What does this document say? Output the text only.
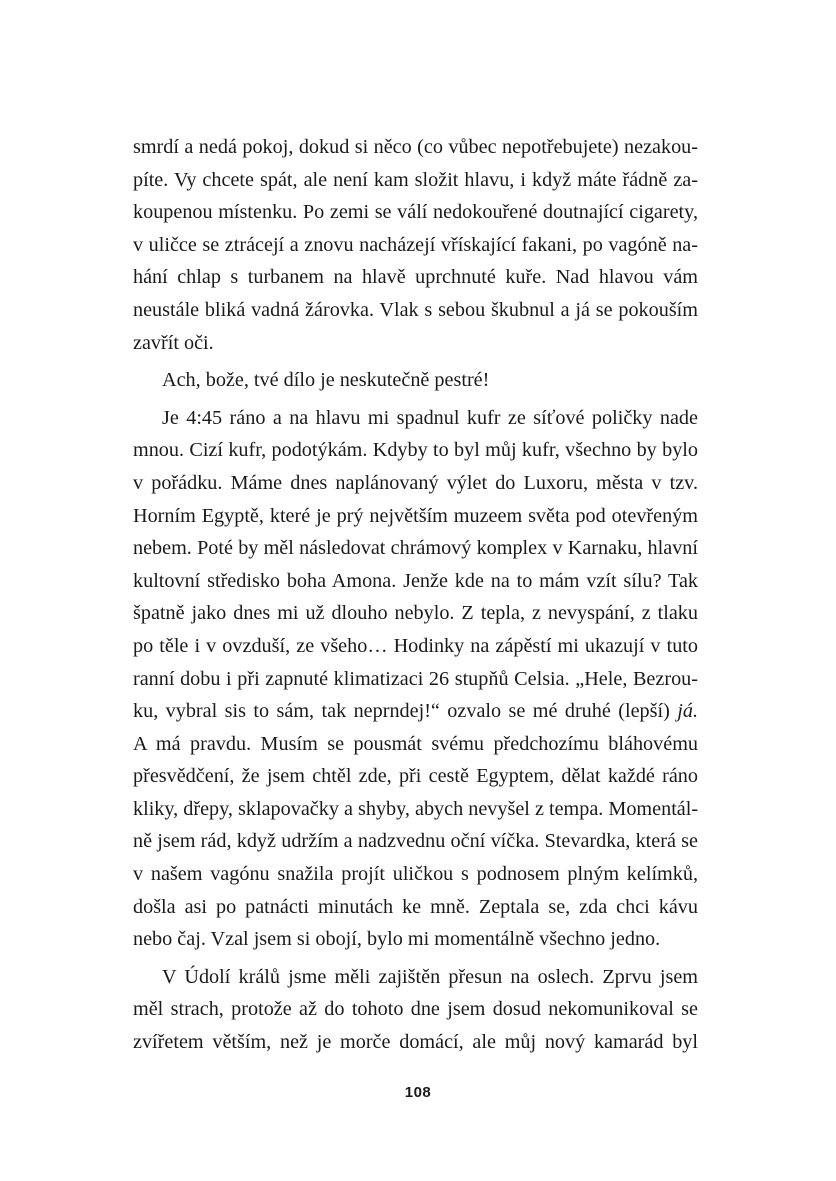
smrdí a nedá pokoj, dokud si něco (co vůbec nepotřebujete) nezakou-
píte. Vy chcete spát, ale není kam složit hlavu, i když máte řádně za-
koupenou místenku. Po zemi se válí nedokouřené doutnající cigarety,
v uličce se ztrácejí a znovu nacházejí vřískající fakani, po vagóně na-
hání chlap s turbanem na hlavě uprchnuté kuře. Nad hlavou vám
neustále bliká vadná žárovka. Vlak s sebou škubnul a já se pokouším
zavřít oči.
Ach, bože, tvé dílo je neskutečně pestré!
Je 4:45 ráno a na hlavu mi spadnul kufr ze síťové poličky nade
mnou. Cizí kufr, podotýkám. Kdyby to byl můj kufr, všechno by bylo
v pořádku. Máme dnes naplánovaný výlet do Luxoru, města v tzv.
Horním Egyptě, které je prý největším muzeem světa pod otevřeným
nebem. Poté by měl následovat chrámový komplex v Karnaku, hlavní
kultovní středisko boha Amona. Jenže kde na to mám vzít sílu? Tak
špatně jako dnes mi už dlouho nebylo. Z tepla, z nevyspání, z tlaku
po těle i v ovzduší, ze všeho… Hodinky na zápěstí mi ukazují v tuto
ranní dobu i při zapnuté klimatizaci 26 stupňů Celsia. „Hele, Bezrou-
ku, vybral sis to sám, tak neprndej!“ ozvalo se mé druhé (lepší) já.
A má pravdu. Musím se pousmát svému předchozímu bláhovému
přesvědčení, že jsem chtěl zde, při cestě Egyptem, dělat každé ráno
kliky, dřepy, sklapovačky a shyby, abych nevyšel z tempa. Momentál-
ně jsem rád, když udržím a nadzvednu oční víčka. Stevardka, která se
v našem vagónu snažila projít uličkou s podnosem plným kelímků,
došla asi po patnácti minutách ke mně. Zeptala se, zda chci kávu
nebo čaj. Vzal jsem si obojí, bylo mi momentálně všechno jedno.
V Údolí králů jsme měli zajištěn přesun na oslech. Zprvu jsem
měl strach, protože až do tohoto dne jsem dosud nekomunikoval se
zvířetem větším, než je morče domácí, ale můj nový kamarád byl
108
